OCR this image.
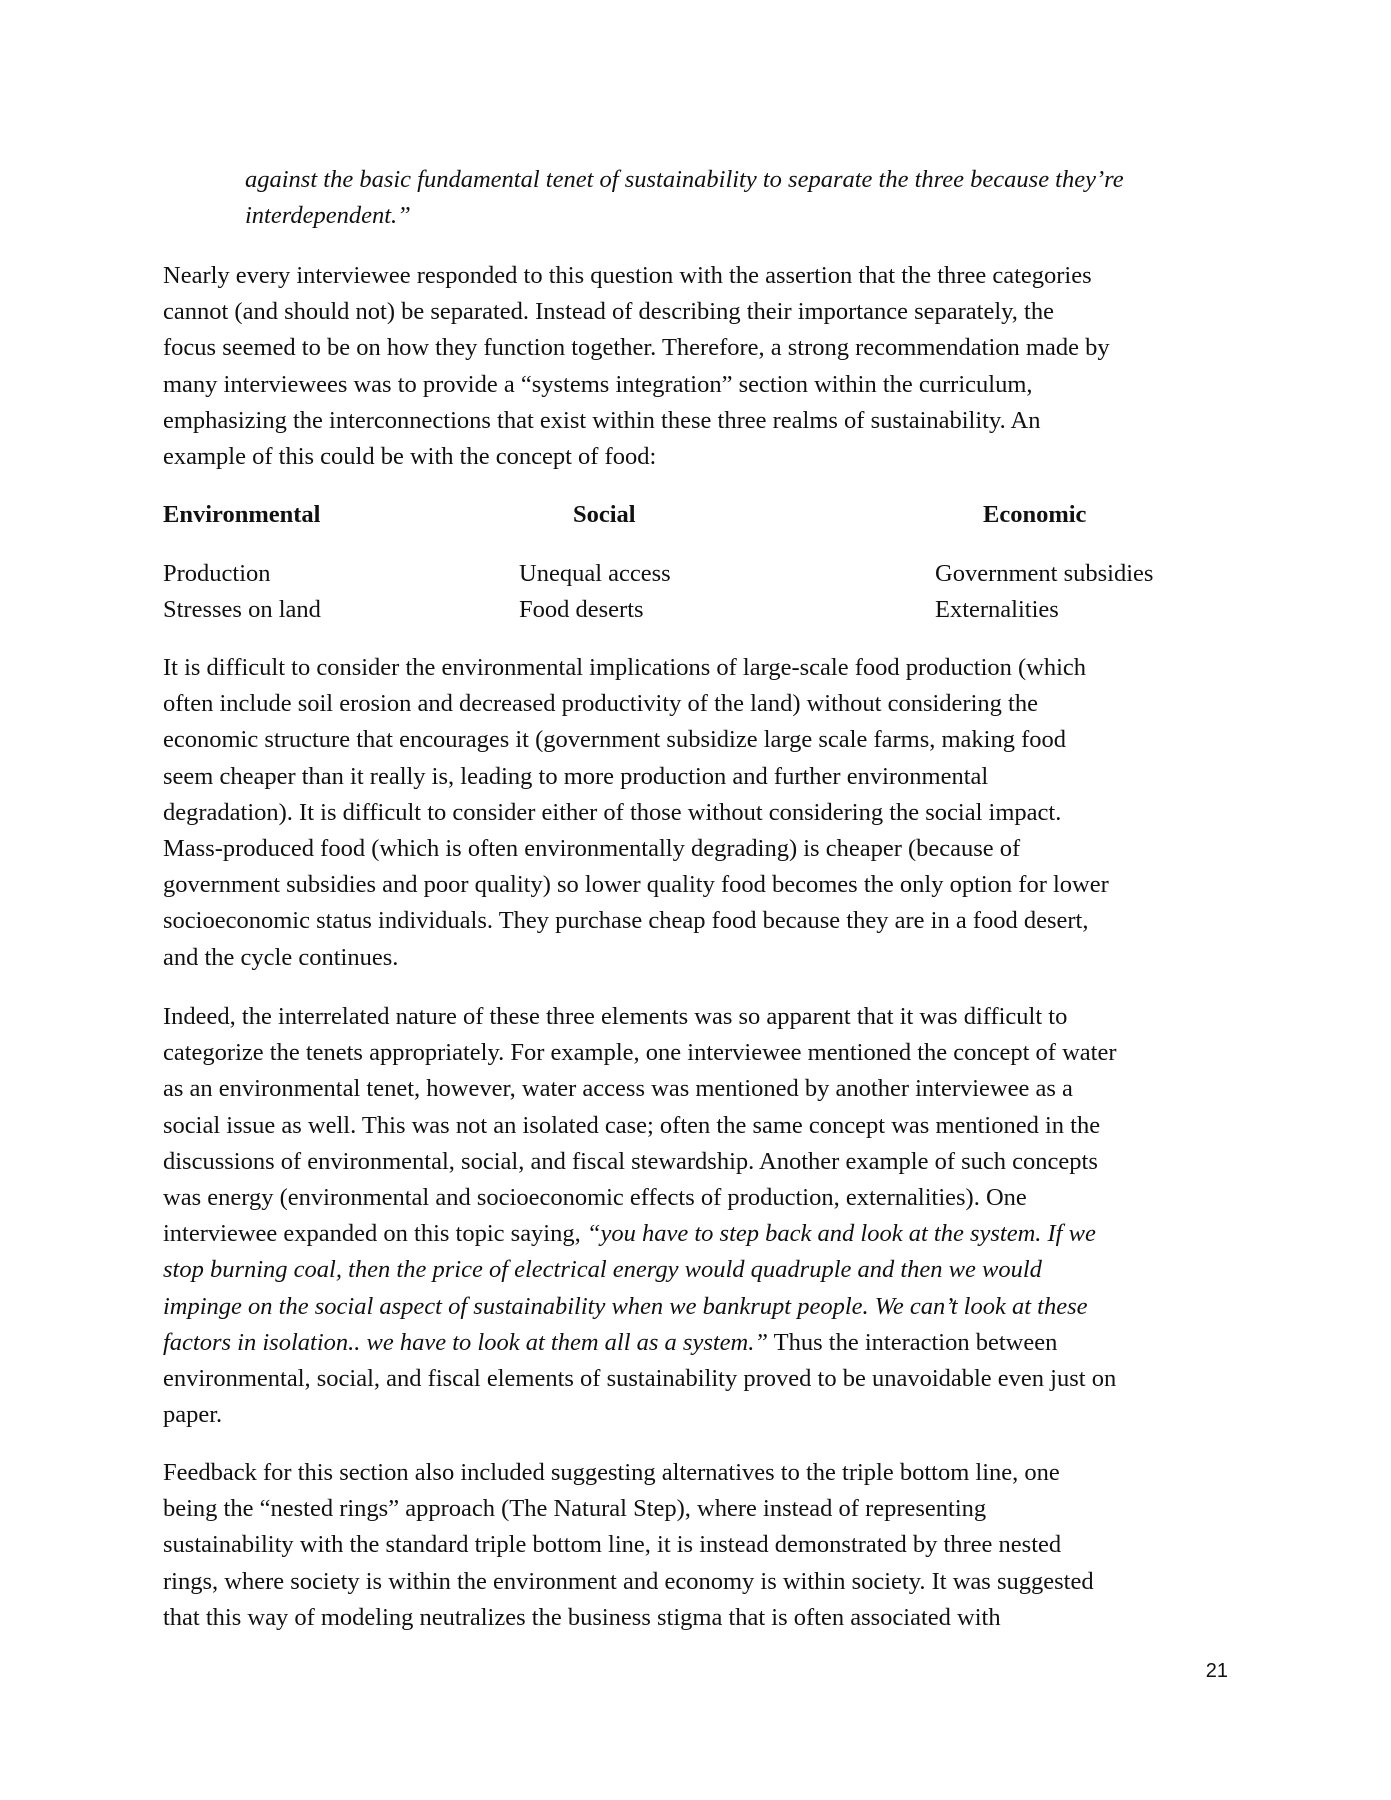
against the basic fundamental tenet of sustainability to separate the three because they’re
interdependent.”
Nearly every interviewee responded to this question with the assertion that the three categories
cannot (and should not) be separated. Instead of describing their importance separately, the
focus seemed to be on how they function together. Therefore, a strong recommendation made by
many interviewees was to provide a “systems integration” section within the curriculum,
emphasizing the interconnections that exist within these three realms of sustainability. An
example of this could be with the concept of food:
Environmental	Social	Economic
Production	Unequal access	Government subsidies
Stresses on land	Food deserts	Externalities
It is difficult to consider the environmental implications of large-scale food production (which
often include soil erosion and decreased productivity of the land) without considering the
economic structure that encourages it (government subsidize large scale farms, making food
seem cheaper than it really is, leading to more production and further environmental
degradation). It is difficult to consider either of those without considering the social impact.
Mass-produced food (which is often environmentally degrading) is cheaper (because of
government subsidies and poor quality) so lower quality food becomes the only option for lower
socioeconomic status individuals. They purchase cheap food because they are in a food desert,
and the cycle continues.
Indeed, the interrelated nature of these three elements was so apparent that it was difficult to
categorize the tenets appropriately. For example, one interviewee mentioned the concept of water
as an environmental tenet, however, water access was mentioned by another interviewee as a
social issue as well. This was not an isolated case; often the same concept was mentioned in the
discussions of environmental, social, and fiscal stewardship. Another example of such concepts
was energy (environmental and socioeconomic effects of production, externalities). One
interviewee expanded on this topic saying, “you have to step back and look at the system. If we
stop burning coal, then the price of electrical energy would quadruple and then we would
impinge on the social aspect of sustainability when we bankrupt people. We can’t look at these
factors in isolation.. we have to look at them all as a system.” Thus the interaction between
environmental, social, and fiscal elements of sustainability proved to be unavoidable even just on
paper.
Feedback for this section also included suggesting alternatives to the triple bottom line, one
being the “nested rings” approach (The Natural Step), where instead of representing
sustainability with the standard triple bottom line, it is instead demonstrated by three nested
rings, where society is within the environment and economy is within society. It was suggested
that this way of modeling neutralizes the business stigma that is often associated with
21
